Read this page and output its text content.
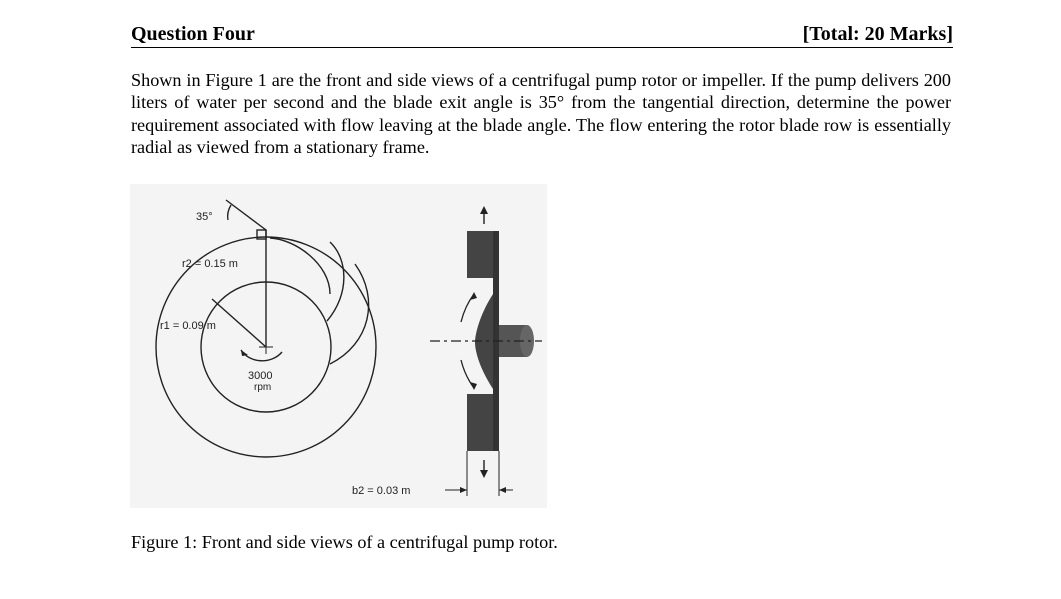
Question Four	[Total: 20 Marks]

Shown in Figure 1 are the front and side views of a centrifugal pump rotor or impeller. If the pump delivers 200 liters of water per second and the blade exit angle is 35° from the tangential direction, determine the power requirement associated with flow leaving at the blade angle. The flow entering the rotor blade row is essentially radial as viewed from a stationary frame.

35°
r2 = 0.15 m
r1 = 0.09 m
3000
rpm
b2 = 0.03 m
Figure 1: Front and side views of a centrifugal pump rotor.
